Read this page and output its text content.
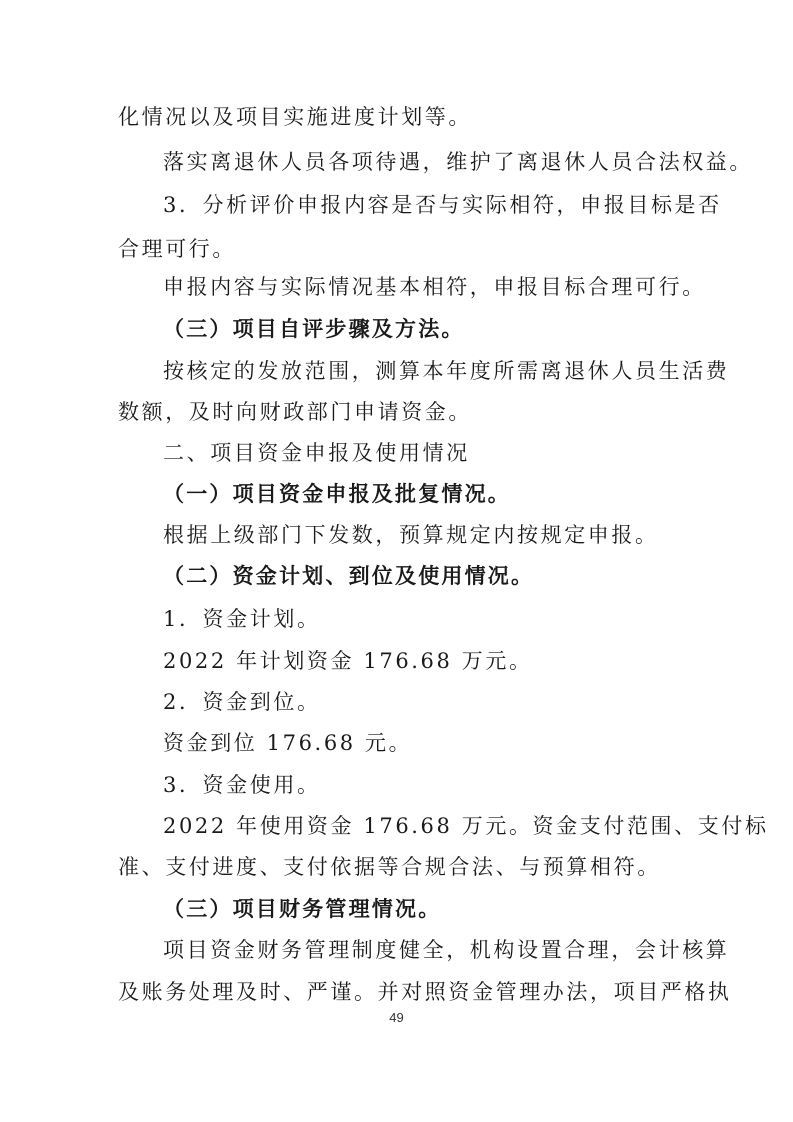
化情况以及项目实施进度计划等。
落实离退休人员各项待遇，维护了离退休人员合法权益。
3．分析评价申报内容是否与实际相符，申报目标是否
合理可行。
申报内容与实际情况基本相符，申报目标合理可行。
（三）项目自评步骤及方法。
按核定的发放范围，测算本年度所需离退休人员生活费
数额，及时向财政部门申请资金。
二、项目资金申报及使用情况
（一）项目资金申报及批复情况。
根据上级部门下发数，预算规定内按规定申报。
（二）资金计划、到位及使用情况。
1．资金计划。
2022 年计划资金 176.68 万元。
2．资金到位。
资金到位 176.68 元。
3．资金使用。
2022 年使用资金 176.68 万元。资金支付范围、支付标
准、支付进度、支付依据等合规合法、与预算相符。
（三）项目财务管理情况。
项目资金财务管理制度健全，机构设置合理，会计核算
及账务处理及时、严谨。并对照资金管理办法，项目严格执
49
